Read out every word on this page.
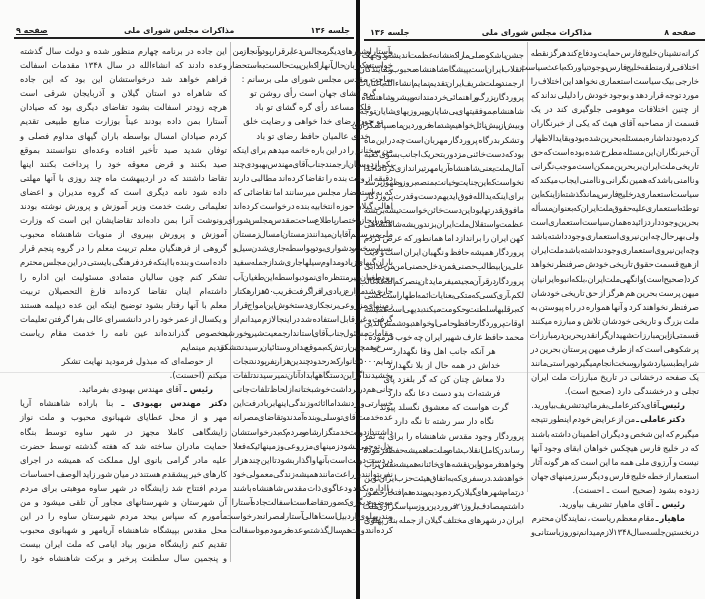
صفحه ۹	مذاکرات مجلس شورای ملی	جلسه ۱۳۶	جلسه ۱۳۶	مذاکرات مجلس شورای ملی	صفحه ۸
این جاده در برنامه چهارم منظور شده و دولت سال گذشته
وعده دادند که انشاءالله در سال ۱۳۴۸ مقدمات اسفالت
فراهم خواهد شد درخواستشان این بود که این جاده
که شاهراه دو استان گیلان و آذربایجان شرقی است
هرچه زودتر اسفالت بشود تقاضای دیگری بود که صیادان
آستارا بمن داده بودند عیناً بوزارت منابع طبیعی تقدیم
کردم صیادان امسال بواسطه باران گیهای مداوم فصلی و
توفان شدید صید تأخیر افتاده وعده‌ای نتوانستند بموقع
صید بکنند و قرض معوقه خود را پرداخت بکنند اینها
تقاضا داشتند که در اردیبهشت ماه چند روزی با آنها مهلتی
داده شود نامه دیگری است که گروه مدیران و اعضای
تعلیماتی رشت خدمت وزیر آموزش و پرورش نوشته بودند
رونوشت آنرا بمن داده‌اند تقاضایشان این است که وزارت
آموزش و پرورش بپیروی از منویات شاهنشاه محبوب
گروهی از فرهنگیان معلم تربیت معلم را در گروه پنجم قرار
داده است و بنده با اینکه فرد فرهنگی بایستی در این مجلس محترم
تشکر کنم چون سالیان متمادی مسئولیت این اداره را
داشته‌ام اینان تقاضا کرده‌اند فارغ التحصیلان تربیت
معلم با آنها رفتار بشود توضیح اینکه این عده دیپلمه هستند
و یکسال از عمر خود را در دانشسرای عالی بفرا گرفتن تعلیمات
مخصوص گذرانده‌اند عین نامه را خدمت مقام ریاست
تقدیم مینمایم
از حوصله‌ای که مبذول فرمودید نهایت تشکر
میکنم (احسنت).
رئیس ـ آقای مهندس بهبودی بفرمائید.
دکتر مهندس بهبودی ـ بنا باراده شاهنشاه آریا
مهر و از محل عطایای شهبانوی محبوب و ملت نواز
زایشگاهی کاملا مجهز در شهر ساوه توسط بنگاه
حمایت مادران ساخته شد که هفته گذشته توسط حضرت
علیه مادر گرامی بانوی اول مملکت که همیشه در اجرای
کارهای خیر پیشقدم هستند در میان شور زاید الوصف احساسات
مردم افتتاح شد زایشگاه در شهر ساوه موهبتی برای مردم
آن شهرستان و شهرستانهای مجاور آن تلقی میشود و من
مأمورم که سپاس بیحد مردم شهرستان ساوه را در این
محل مقدس بپیشگاه شاهنشاه آریامهر و شهبانوی محبوب
تقدیم کنم زایشگاه مزبور بیاد ایامی که ملت ایران بیست
و پنجمین سال سلطنت پرخیر و برکت شاهنشاه خود را
و آستارا و شهرهای دیگر مجالس دعا برقرار بود و آنجا از من
خواستند که زبان حال آنها را که این بیت حالست به استحضار
ساحت مقدس مجلس شورای ملی برسانم :
گره گشای جهان است رأی روشن تو
فلک مساعد رأی گره گشای تو باد
تو چون رضای خدا خواهی و رضایت خلق
خدای عالمیان حافظ رضای تو باد
من سخنانم را در این باره خاتمه میدهم برای اینکه
یکی از دوستان ارجمند جناب آقای مهندس بهبودی چند
دقیقه از وقت بنده را تقاضا کرده‌اند مطالبی دارند
که به استحضار مجلس میرسانند اما تقاضائی که
اهالی گیلان حوزه انتخابیه بنده درخواست کرده‌اند
بطور ایجاز و اختصار باطلاع ساحت مقدس مجلس شورای
ملی میرسانم آقایان میدانند زمستان امسال زمستان
بسیار سخت و دشواری بود و بواسطه جاری شدن سیل و
باران گیهای زیاد و مداوم سیلها جاری شد از جمله سفید
رود طغیان غیر منتظره‌ای نمود بواسطه این طغیان آب
جاری شد مزارع زیادی را فرا گرفت قریب ۵۰ هزار هکتار
زمینهای مزروعی برنجکاری دستخوش این امواج قرار
گرفت و غیر قابل استفاده شد در اینجا لازم میدانم از
مقامات مسئول جناب آقای استاندار جمعیت شیر و خورشید
سرخ و همچنین ارتش که بموقع بداد روستائیان رسیدند تشکر
نمایم ۵۰۰۰ خانوار که در حدود چندین هزار نفر بودند نجات
بخشیدند اگر این دستگاهها بداد آنان نمیرسیدند تلفات
جانی هم در بر داشت خوشبختانه از لحاظ تلفات جانی
خسارتی وارد نشد اما اثاثه و زندگی اینها بر باد رفت این
عده خدمت آقای توسلی و بنده آمدند و تقاضای مصرانه
داشتند از دولت خدمتگزار شاه و مردم که بدرخواستشان
بذل توجهی بشود زمینهای مزروعی و زمینهائیکه فعلا
در دست دولت است بآنها واگذار بشود تا این چند هزار
نفر بتوانند بزراعت مانند همیشه زندگی معمولی خود
را اداره بکنند و دعاگوی ذات مقدس شاهنشاه باشند
موضوع دیگری که مورد تقاضا است اسفالت جاده آستارا
و بندر پهلوی و اردبیل است اهالی آستارا مصرانه درخواست
کرده‌اند دولت هم سال گذشته وعده فرموده بود اسفالت
جشن باشکوه ملی ما را که نشانه عظمت اندیشه و دو جهت
انقلاب ایران است بپیشگاه شاهنشاه محبوب و نمایندگان
ارجمند و ملت شریف ایران تقدیم نمایم انشاءالله با عنایات
پروردگار بزرگ و راهنمائی خردمندانه و پیشرو شاهنشاه
شاهنشاه بموفقیتهای بی‌شایان و پیروزیهای شایان توجه
وبیش از پیش نائل خواهیم شد ماه فروردین ماه سپاسگزاری
و تشکر بدرگاه پروردگار مهربان است چه در این ماه
بود که دست خائنی مزدور بتحریک اجانب بسوی کعبه
آمال ملت یعنی شاهنشاه آریامهر تیراندازی کرد اما خدا
نخواست که این جنایت و خیانت بمنصه بروز و ظهور برسد
برای اینکه یدالله فوق ایدیهم دست و قدرت پروردگار
مافوق قدرتها بود این دست خائن خواست تیشه بریشه
عظمت و استقلال ملت ایران بزند و ریشه شاهنشاهی
کهن ایران را براندازد اما همانطور که عرض کردم
پروردگار همیشه حافظ و نگهبان ایران است و لایت
علی بن ابیطالب حصنی فمن دخل حصنی امن من عذابی
پروردگار در قرآن مجید میفرماید: ان ینصرکم الله فلا غالب
لکم، آری کسی که متکی بعنایات ائمه اطهار است کسی
که بر قلبها سلطنت و حکومت میکند بدیهی است همیشه
اوقات پروردگار حافظ و حامی او خواهد بود شمس الدین
محمد حافظ عارف شهیر ایران چه خوب فرموده :
هر آنکه جانب اهل وفا نگهدارد
خداش در همه حال از بلا نگهدارد
دلا معاش چنان کن که گر بلغزد پای
فرشته‌ات بدو دست دعا نگه دارد
گرت هواست که معشوق نگسلد پیوند
نگاه دار سر رشته تا نگه دارد
پروردگار وجود مقدس شاهنشاه را برای به ثمر
رساندن کامل انقلاب شاه و ملت ما همیشه حفظ فرموده
و خواهد فرمود و این نقشه‌های خائنانه همیشه نقش بر آب
خواهد شد. در سفری که به اتفاق هیئت حزب ایران نوین
در تمام شهرهای گیلان کرده بودیم و بنده هم افتخار حضور
داشتم مصادف با روز ۲۱ فروردین روز سپاسگزاری ملت
ایران در شهرهای مختلف گیلان از جمله بندر پهلوی
کرانه‌نشینان خلیج فارس حمایت و دفاع کند هرگز نقطه
اختلافی را در منطقه خلیج فارس بوجود نیاورد که باعث سیاست
خارجی بیک سیاست استعماری نخواهد این اختلاف را
مورد توجه قرار دهد و بوجود خودش را دلیلی نداند که
از چنین اختلافات موهومی جلوگیری کند در یک
قسمت از مصاحبه آقای هیث که یکی از خبرنگاران
کرده بودند اشاره بمسئله بحرین شده بود و بقاید الاظهار
آن خبرنگاران این مسئله مطرح شده بوده است که حق
تاریخی ملت ایران بر بحرین ممکن است موجب نگرانی
و ناامنی باشد که همین نگرانی و ناامنی ایجاب میکند که
سیاست استعماری در خلیج فارس بماند گذشته از اینکه این
توطئه استعماری علیه حقوق ملت ایران که بعنوان مسأله
بحرین وجود دارد زائیده همان سیاست استعماری است
ولی بهرحال چه این نیروی استعماری وجود داشته باشد
و چه این نیروی استعماری وجود نداشته باشد ملت ایران
از هیچ قسمت حقوق تاریخی خودش صرفنظر نخواهد
کرد (صحیح است) وانگهی ملت ایران، بلکه انبوه ایرانیان
میهن پرست بحرین هم هرگز از حق تاریخی خودشان
صرفنظر نخواهند کرد و آنها همواره در راه پیوستن به
ملت بزرگ و تاریخی خودشان تلاش و مبارزه میکنند
قسمتی از این مبارزات شهیدان گرانقدر بحرین در مبارزات
پر شکوهی است که از طرف میهن پرستان بحرین در
شرایط بسیار دشوار و سخت انجام میگیرد و براستی مانند
یک صفحه درخشانی در تاریخ مبارزات ملت ایران
تجلی و درخشندگی دارد (صحیح است).
رئیس ـ آقای دکتر عاملی بفرمائید تشریف بیاورید.
دکتر عاملی ـ من از عرایض خودم اینطور نتیجه
میگیرم که این شخص و دیگران اطمینان داشته باشند
که در خلیج فارس هیچکس خواهان ابقای وجود آنها
نیست و آرزوی ملی همه ما این است که هر گونه آثار
استعمار از خطه خلیج فارس و دیگر سرزمینهای جهان
زدوده بشود (صحیح است ـ احسنت).
رئیس ـ آقای ماهیار تشریف بیاورید.
ماهیار ـ مقام معظم ریاست ، نمایندگان محترم
در نخستین جلسه سال ۱۳۴۸ لازم میدانم نوروز باستانی و
